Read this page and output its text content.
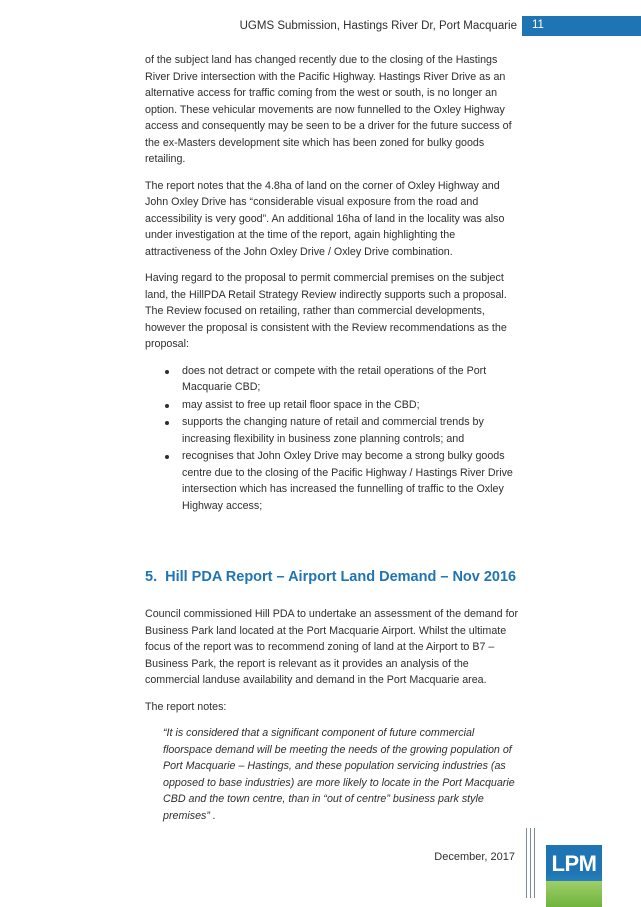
UGMS Submission, Hastings River Dr, Port Macquarie 11

of the subject land has changed recently due to the closing of the Hastings River Drive intersection with the Pacific Highway. Hastings River Drive as an alternative access for traffic coming from the west or south, is no longer an option. These vehicular movements are now funnelled to the Oxley Highway access and consequently may be seen to be a driver for the future success of the ex-Masters development site which has been zoned for bulky goods retailing.

The report notes that the 4.8ha of land on the corner of Oxley Highway and John Oxley Drive has “considerable visual exposure from the road and accessibility is very good”. An additional 16ha of land in the locality was also under investigation at the time of the report, again highlighting the attractiveness of the John Oxley Drive / Oxley Drive combination.

Having regard to the proposal to permit commercial premises on the subject land, the HillPDA Retail Strategy Review indirectly supports such a proposal. The Review focused on retailing, rather than commercial developments, however the proposal is consistent with the Review recommendations as the proposal:

does not detract or compete with the retail operations of the Port Macquarie CBD;
may assist to free up retail floor space in the CBD;
supports the changing nature of retail and commercial trends by increasing flexibility in business zone planning controls; and
recognises that John Oxley Drive may become a strong bulky goods centre due to the closing of the Pacific Highway / Hastings River Drive intersection which has increased the funnelling of traffic to the Oxley Highway access;

5. Hill PDA Report – Airport Land Demand – Nov 2016

Council commissioned Hill PDA to undertake an assessment of the demand for Business Park land located at the Port Macquarie Airport. Whilst the ultimate focus of the report was to recommend zoning of land at the Airport to B7 – Business Park, the report is relevant as it provides an analysis of the commercial landuse availability and demand in the Port Macquarie area.

The report notes:

“It is considered that a significant component of future commercial floorspace demand will be meeting the needs of the growing population of Port Macquarie – Hastings, and these population servicing industries (as opposed to base industries) are more likely to locate in the Port Macquarie CBD and the town centre, than in “out of centre” business park style premises” .

December, 2017 LPM
